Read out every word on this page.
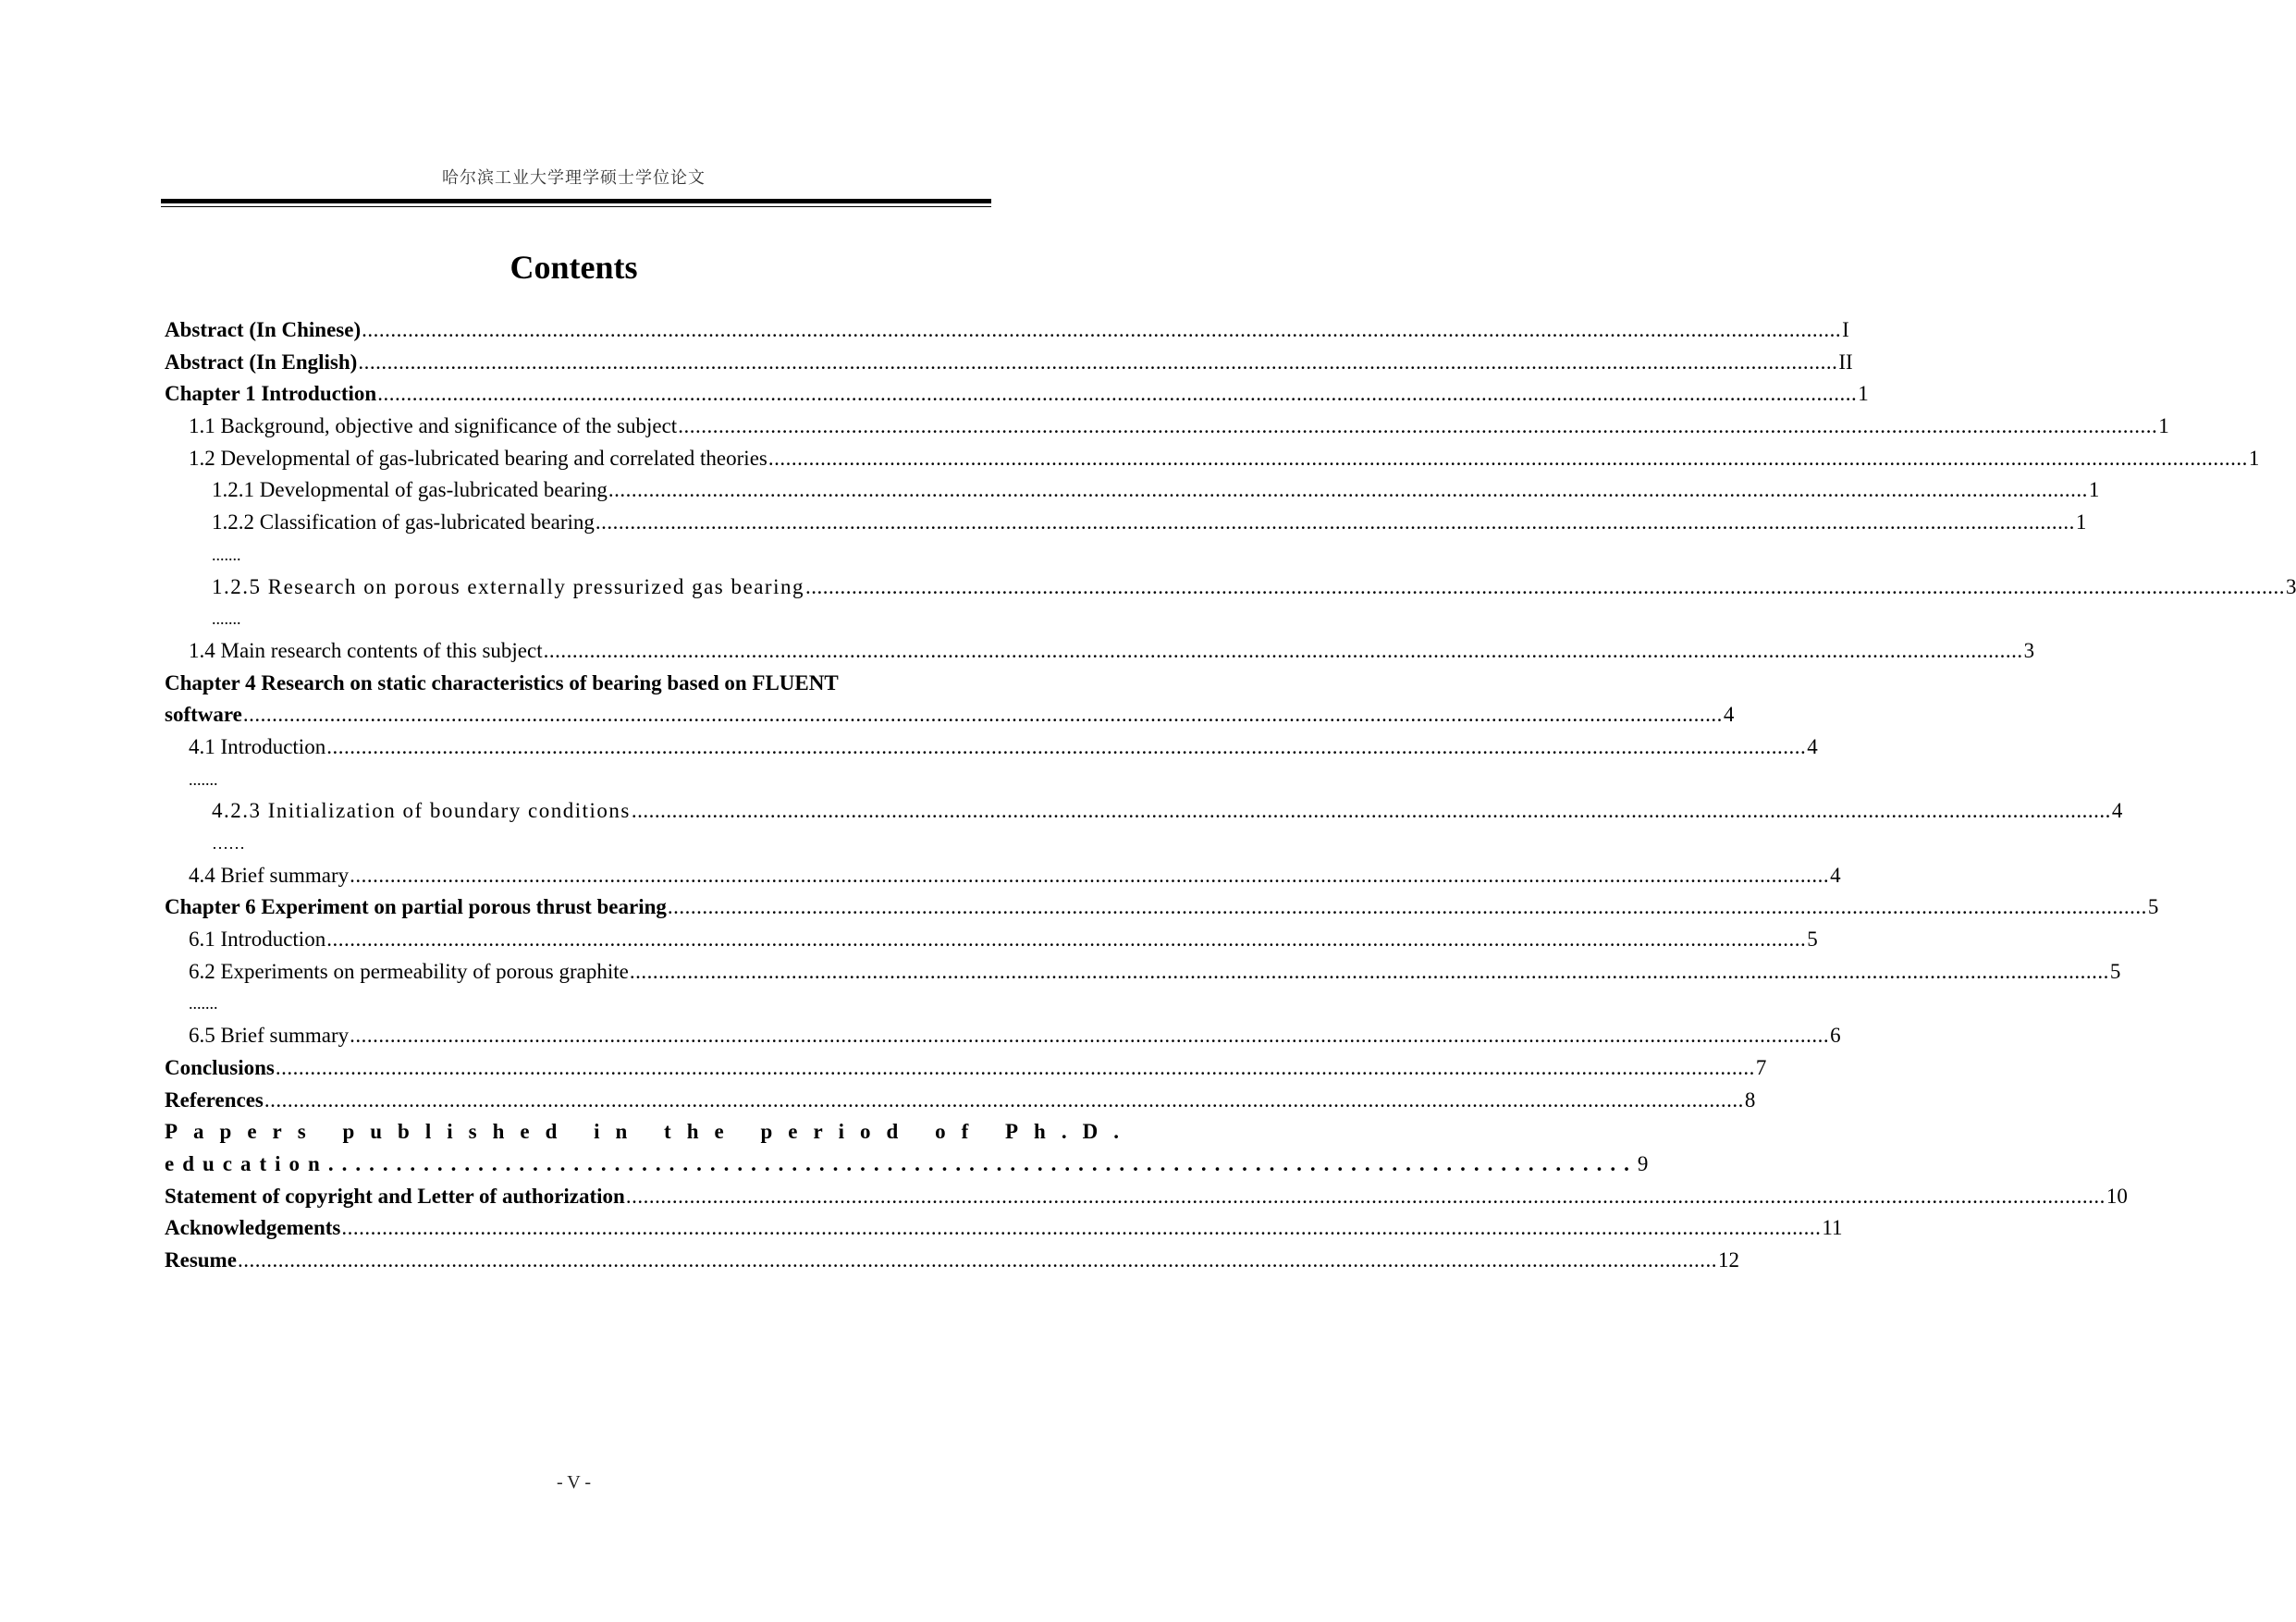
哈尔滨工业大学理学硕士学位论文
Contents
Abstract (In Chinese) .....	I
Abstract (In English) .....	II
Chapter 1 Introduction .....	1
1.1 Background, objective and significance of the subject .....	1
1.2 Developmental of gas-lubricated bearing and correlated theories .....	1
1.2.1 Developmental of gas-lubricated bearing .....	1
1.2.2 Classification of gas-lubricated bearing .....	1
.......
1.2.5 Research on porous externally pressurized gas bearing .....	3
.......
1.4 Main research contents of this subject .....	3
Chapter 4 Research on static characteristics of bearing based on FLUENT
software .....	4
4.1 Introduction .....	4
.......
4.2.3 Initialization of boundary conditions .....	4
……
4.4 Brief summary .....	4
Chapter 6 Experiment on partial porous thrust bearing .....	5
6.1 Introduction .....	5
6.2 Experiments on permeability of porous graphite .....	5
.......
6.5 Brief summary .....	6
Conclusions .....	7
References .....	8
Papers published in the period of Ph.D.
education .....	9
Statement of copyright and Letter of authorization .....	10
Acknowledgements .....	11
Resume .....	12
- V -
